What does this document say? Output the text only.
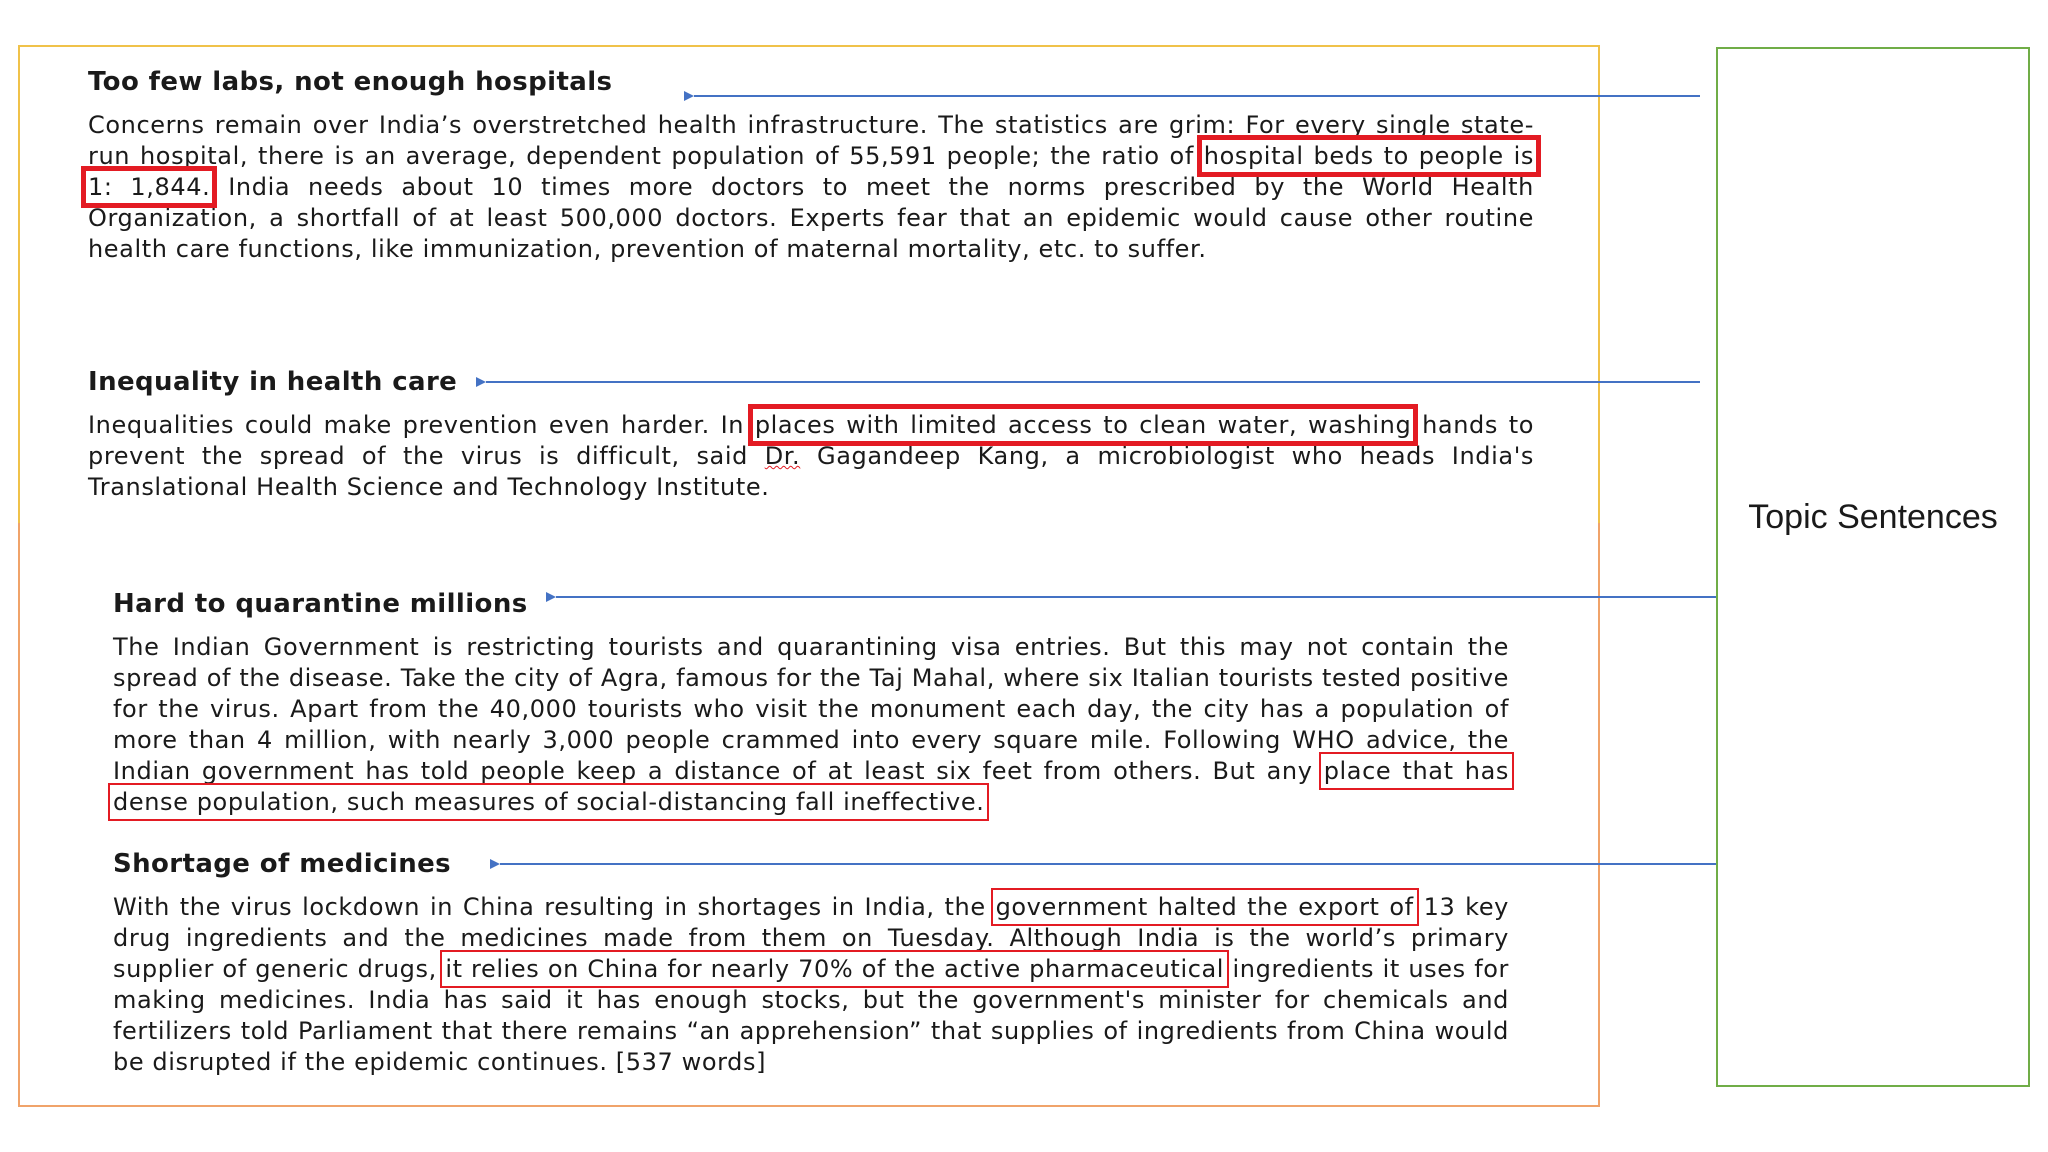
Too few labs, not enough hospitals

Concerns remain over India’s overstretched health infrastructure. The statistics are grim: For every single state-run hospital, there is an average, dependent population of 55,591 people; the ratio of hospital beds to people is 1: 1,844. India needs about 10 times more doctors to meet the norms prescribed by the World Health Organization, a shortfall of at least 500,000 doctors. Experts fear that an epidemic would cause other routine health care functions, like immunization, prevention of maternal mortality, etc. to suffer.

Inequality in health care

Inequalities could make prevention even harder. In places with limited access to clean water, washing hands to prevent the spread of the virus is difficult, said Dr. Gagandeep Kang, a microbiologist who heads India's Translational Health Science and Technology Institute.

Hard to quarantine millions

The Indian Government is restricting tourists and quarantining visa entries. But this may not contain the spread of the disease. Take the city of Agra, famous for the Taj Mahal, where six Italian tourists tested positive for the virus. Apart from the 40,000 tourists who visit the monument each day, the city has a population of more than 4 million, with nearly 3,000 people crammed into every square mile. Following WHO advice, the Indian government has told people keep a distance of at least six feet from others. But any place that has dense population, such measures of social-distancing fall ineffective.

Shortage of medicines

With the virus lockdown in China resulting in shortages in India, the government halted the export of 13 key drug ingredients and the medicines made from them on Tuesday. Although India is the world’s primary supplier of generic drugs, it relies on China for nearly 70% of the active pharmaceutical ingredients it uses for making medicines. India has said it has enough stocks, but the government's minister for chemicals and fertilizers told Parliament that there remains “an apprehension” that supplies of ingredients from China would be disrupted if the epidemic continues. [537 words]

Topic Sentences
